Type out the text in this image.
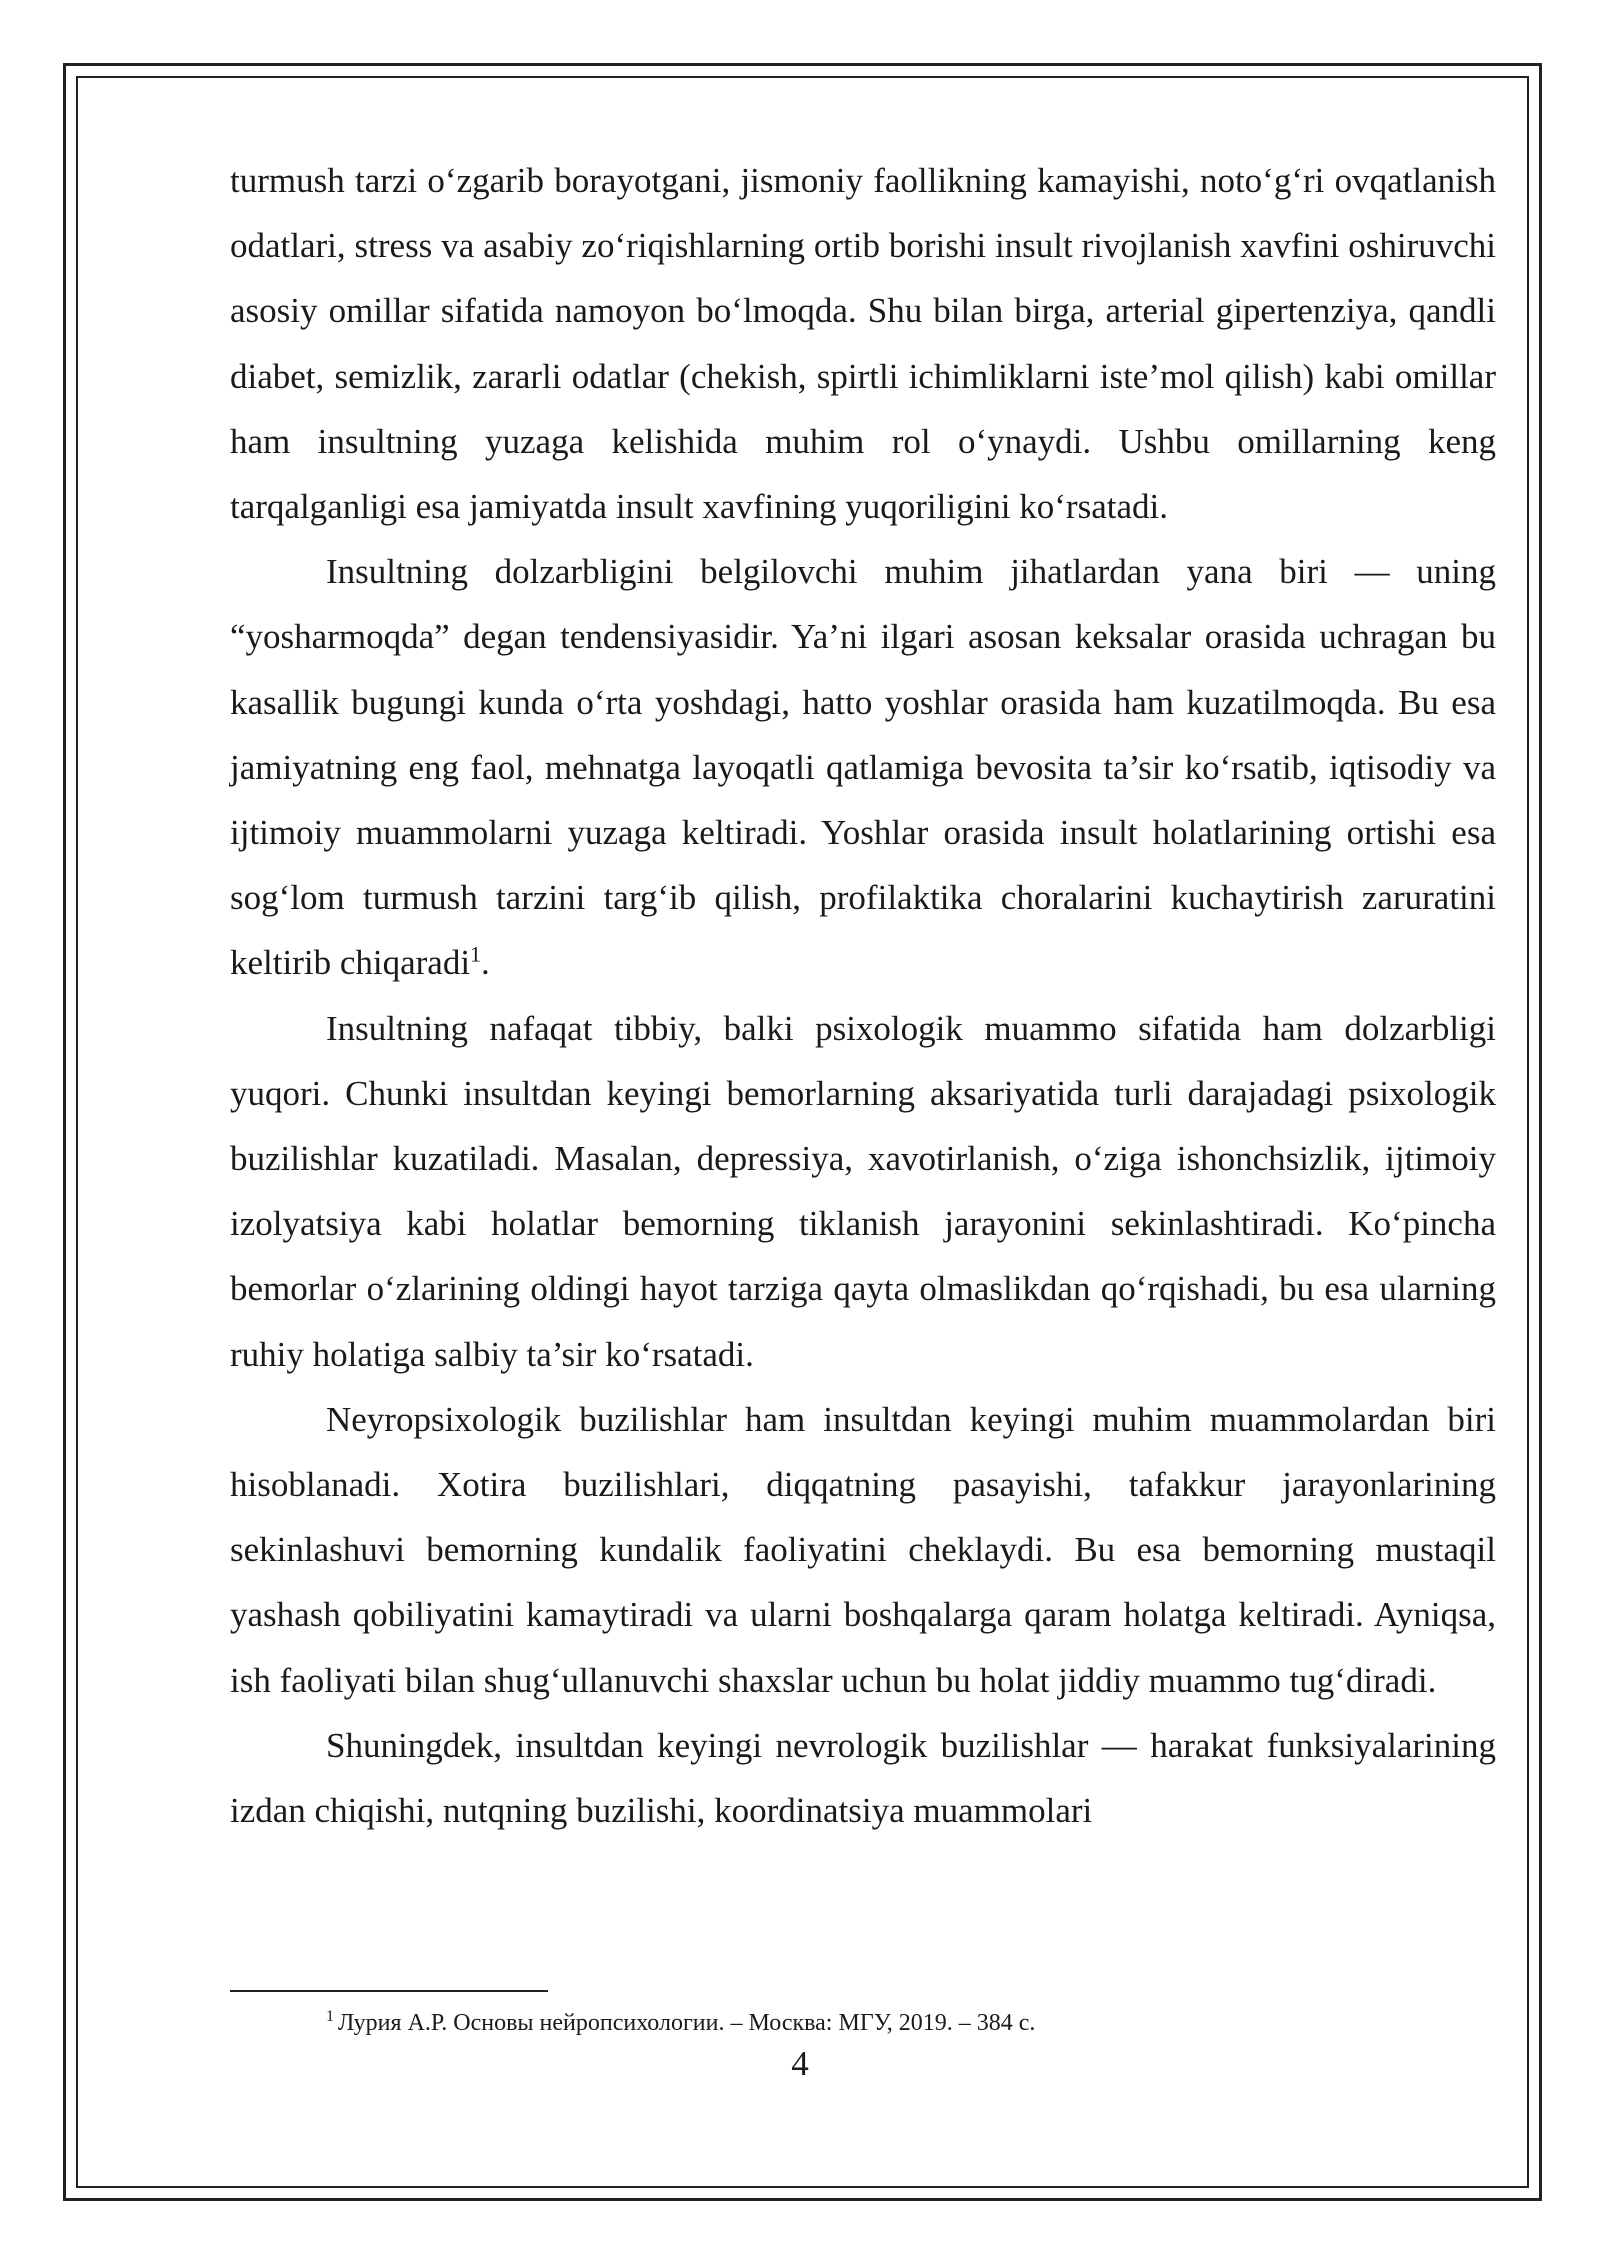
turmush tarzi o‘zgarib borayotgani, jismoniy faollikning kamayishi, noto‘g‘ri ovqatlanish odatlari, stress va asabiy zo‘riqishlarning ortib borishi insult rivojlanish xavfini oshiruvchi asosiy omillar sifatida namoyon bo‘lmoqda. Shu bilan birga, arterial gipertenziya, qandli diabet, semizlik, zararli odatlar (chekish, spirtli ichimliklarni iste’mol qilish) kabi omillar ham insultning yuzaga kelishida muhim rol o‘ynaydi. Ushbu omillarning keng tarqalganligi esa jamiyatda insult xavfining yuqoriligini ko‘rsatadi.

Insultning dolzarbligini belgilovchi muhim jihatlardan yana biri — uning “yosharmoqda” degan tendensiyasidir. Ya’ni ilgari asosan keksalar orasida uchragan bu kasallik bugungi kunda o‘rta yoshdagi, hatto yoshlar orasida ham kuzatilmoqda. Bu esa jamiyatning eng faol, mehnatga layoqatli qatlamiga bevosita ta’sir ko‘rsatib, iqtisodiy va ijtimoiy muammolarni yuzaga keltiradi. Yoshlar orasida insult holatlarining ortishi esa sog‘lom turmush tarzini targ‘ib qilish, profilaktika choralarini kuchaytirish zaruratini keltirib chiqaradi$^1$.

Insultning nafaqat tibbiy, balki psixologik muammo sifatida ham dolzarbligi yuqori. Chunki insultdan keyingi bemorlarning aksariyatida turli darajadagi psixologik buzilishlar kuzatiladi. Masalan, depressiya, xavotirlanish, o‘ziga ishonchsizlik, ijtimoiy izolyatsiya kabi holatlar bemorning tiklanish jarayonini sekinlashtiradi. Ko‘pincha bemorlar o‘zlarining oldingi hayot tarziga qayta olmaslikdan qo‘rqishadi, bu esa ularning ruhiy holatiga salbiy ta’sir ko‘rsatadi.

Neyropsixologik buzilishlar ham insultdan keyingi muhim muammolardan biri hisoblanadi. Xotira buzilishlari, diqqatning pasayishi, tafakkur jarayonlarining sekinlashuvi bemorning kundalik faoliyatini cheklaydi. Bu esa bemorning mustaqil yashash qobiliyatini kamaytiradi va ularni boshqalarga qaram holatga keltiradi. Ayniqsa, ish faoliyati bilan shug‘ullanuvchi shaxslar uchun bu holat jiddiy muammo tug‘diradi.

Shuningdek, insultdan keyingi nevrologik buzilishlar — harakat funksiyalarining izdan chiqishi, nutqning buzilishi, koordinatsiya muammolari

$^1$ Лурия А.Р. Основы нейропсихологии. – Москва: МГУ, 2019. – 384 с.
4
